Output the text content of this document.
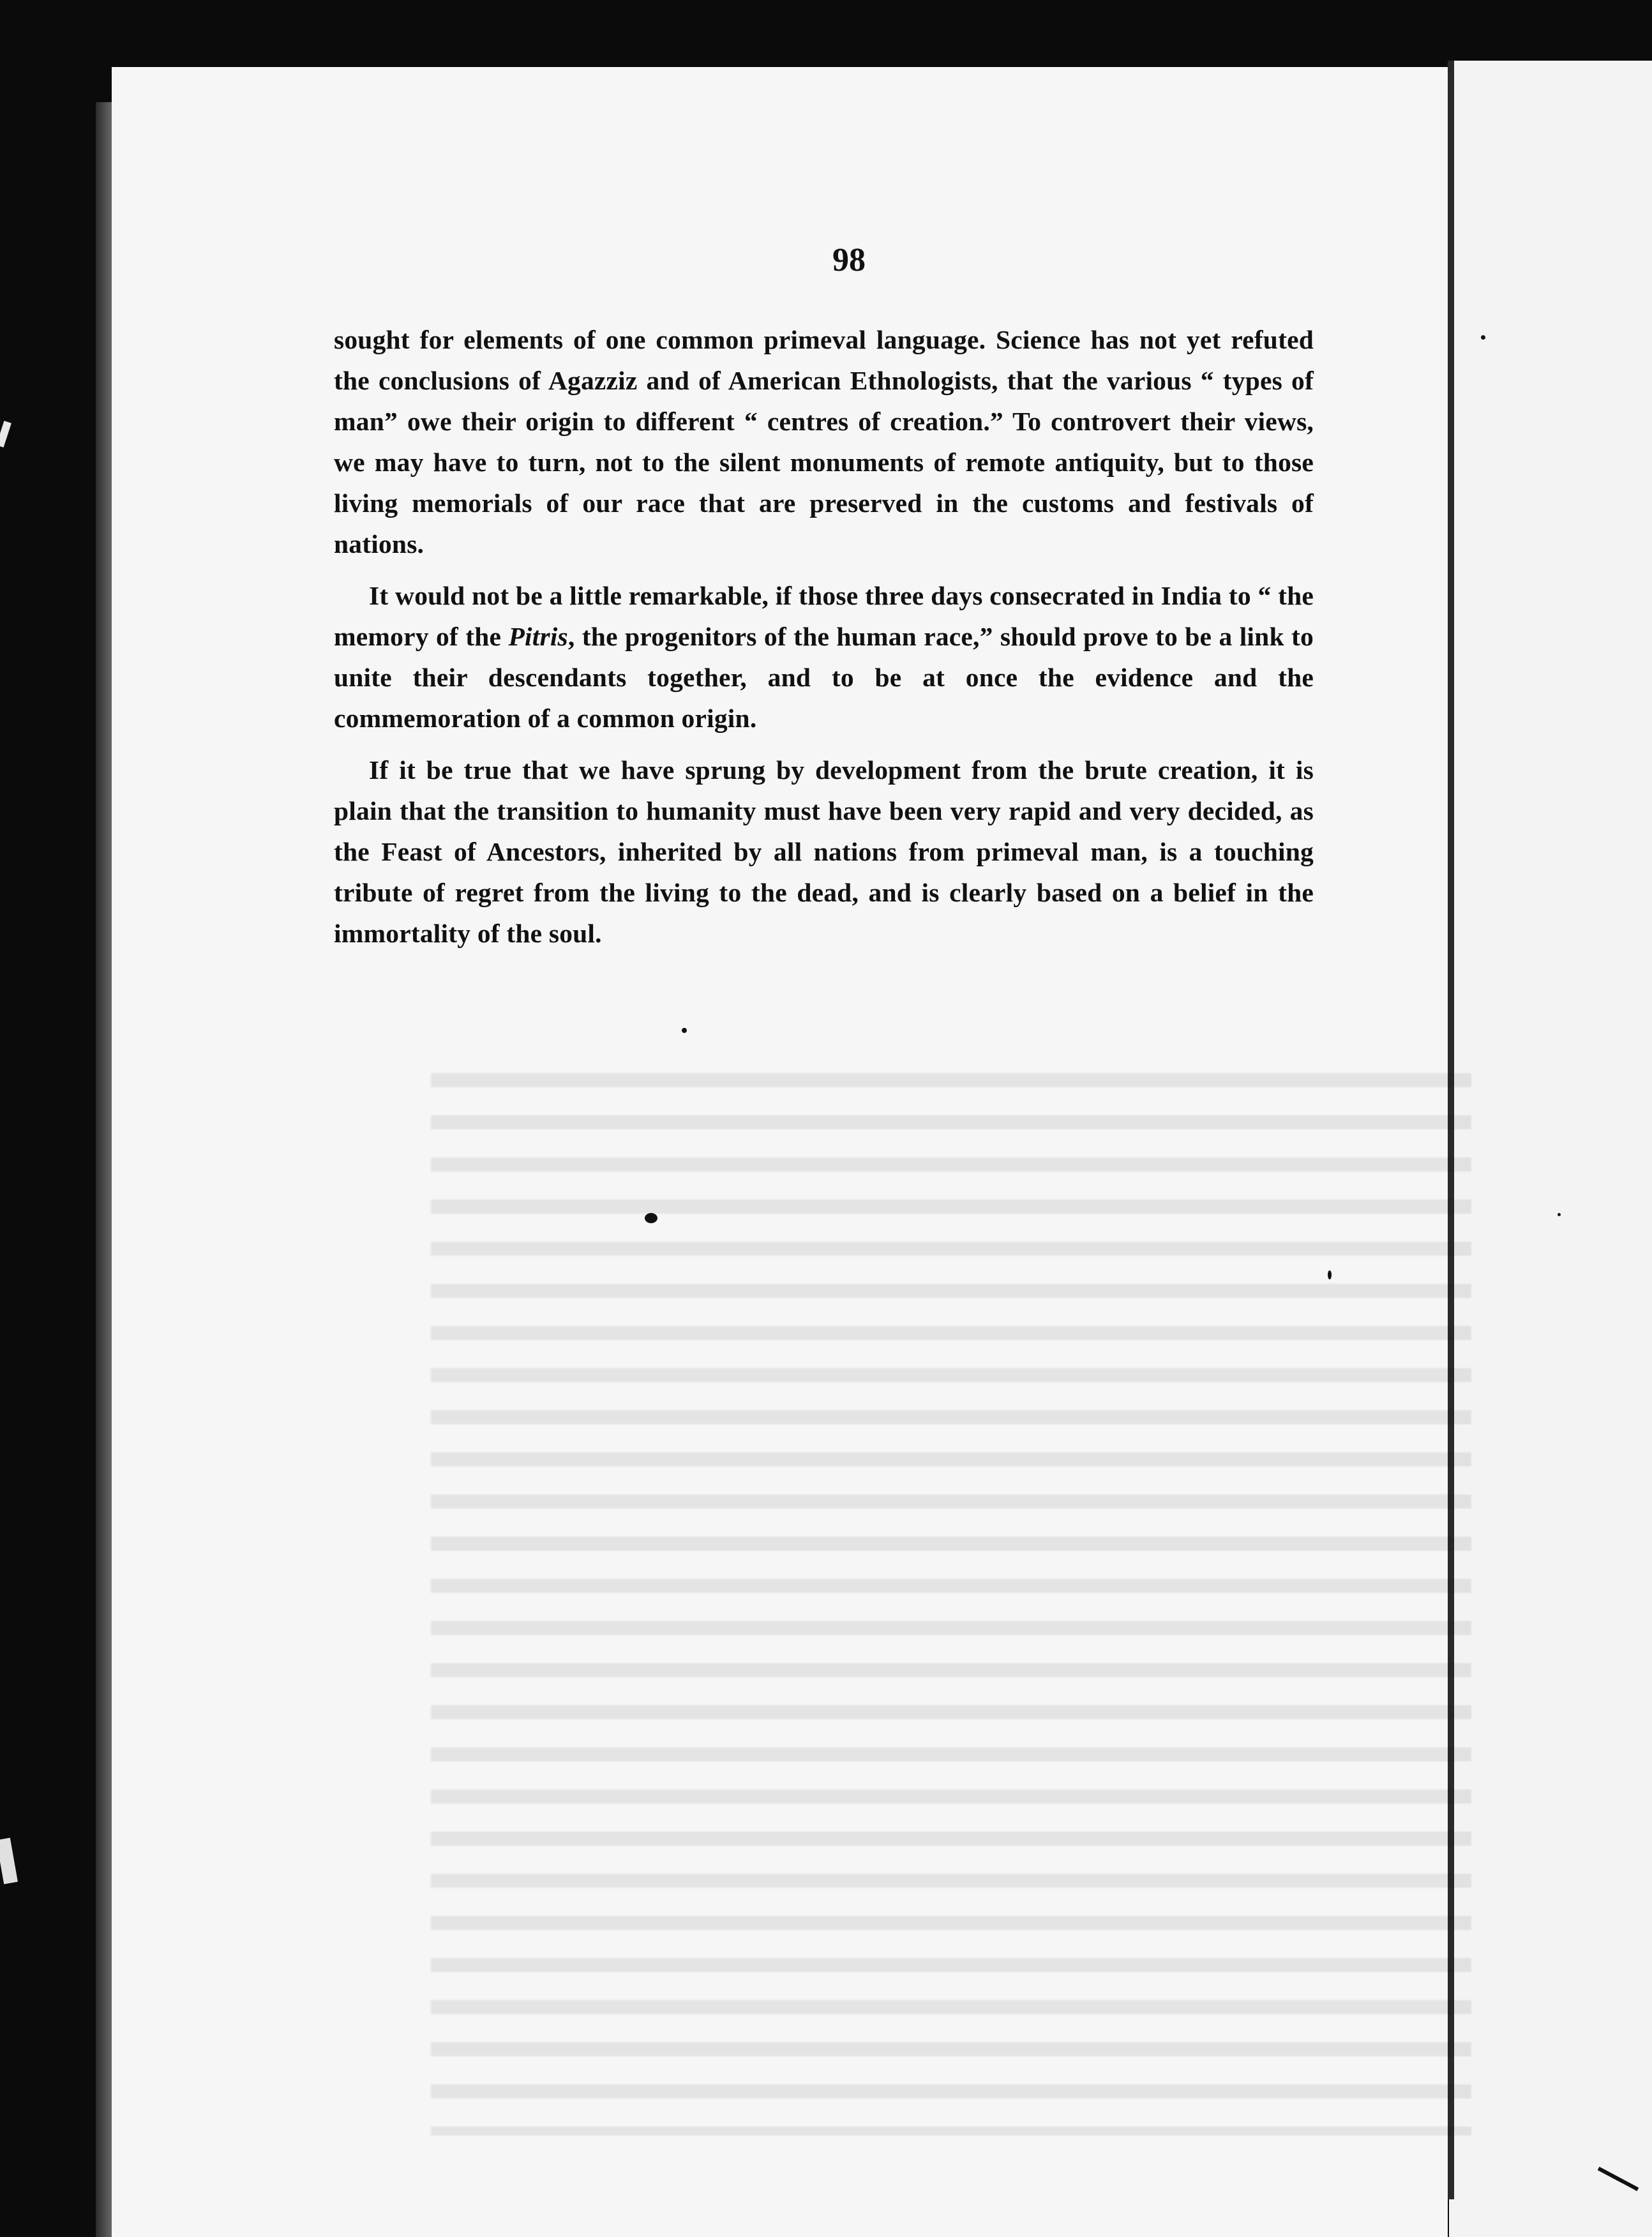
98

sought for elements of one common primeval language. Science has not yet refuted the conclusions of Agazziz and of American Ethnologists, that the various “ types of man” owe their origin to different “ centres of creation.” To controvert their views, we may have to turn, not to the silent monuments of remote antiquity, but to those living memorials of our race that are preserved in the customs and festivals of nations.

It would not be a little remarkable, if those three days consecrated in India to “ the memory of the Pitris, the progenitors of the human race,” should prove to be a link to unite their descendants together, and to be at once the evidence and the commemoration of a common origin.

If it be true that we have sprung by development from the brute creation, it is plain that the transition to humanity must have been very rapid and very decided, as the Feast of Ancestors, inherited by all nations from primeval man, is a touching tribute of regret from the living to the dead, and is clearly based on a belief in the immortality of the soul.
